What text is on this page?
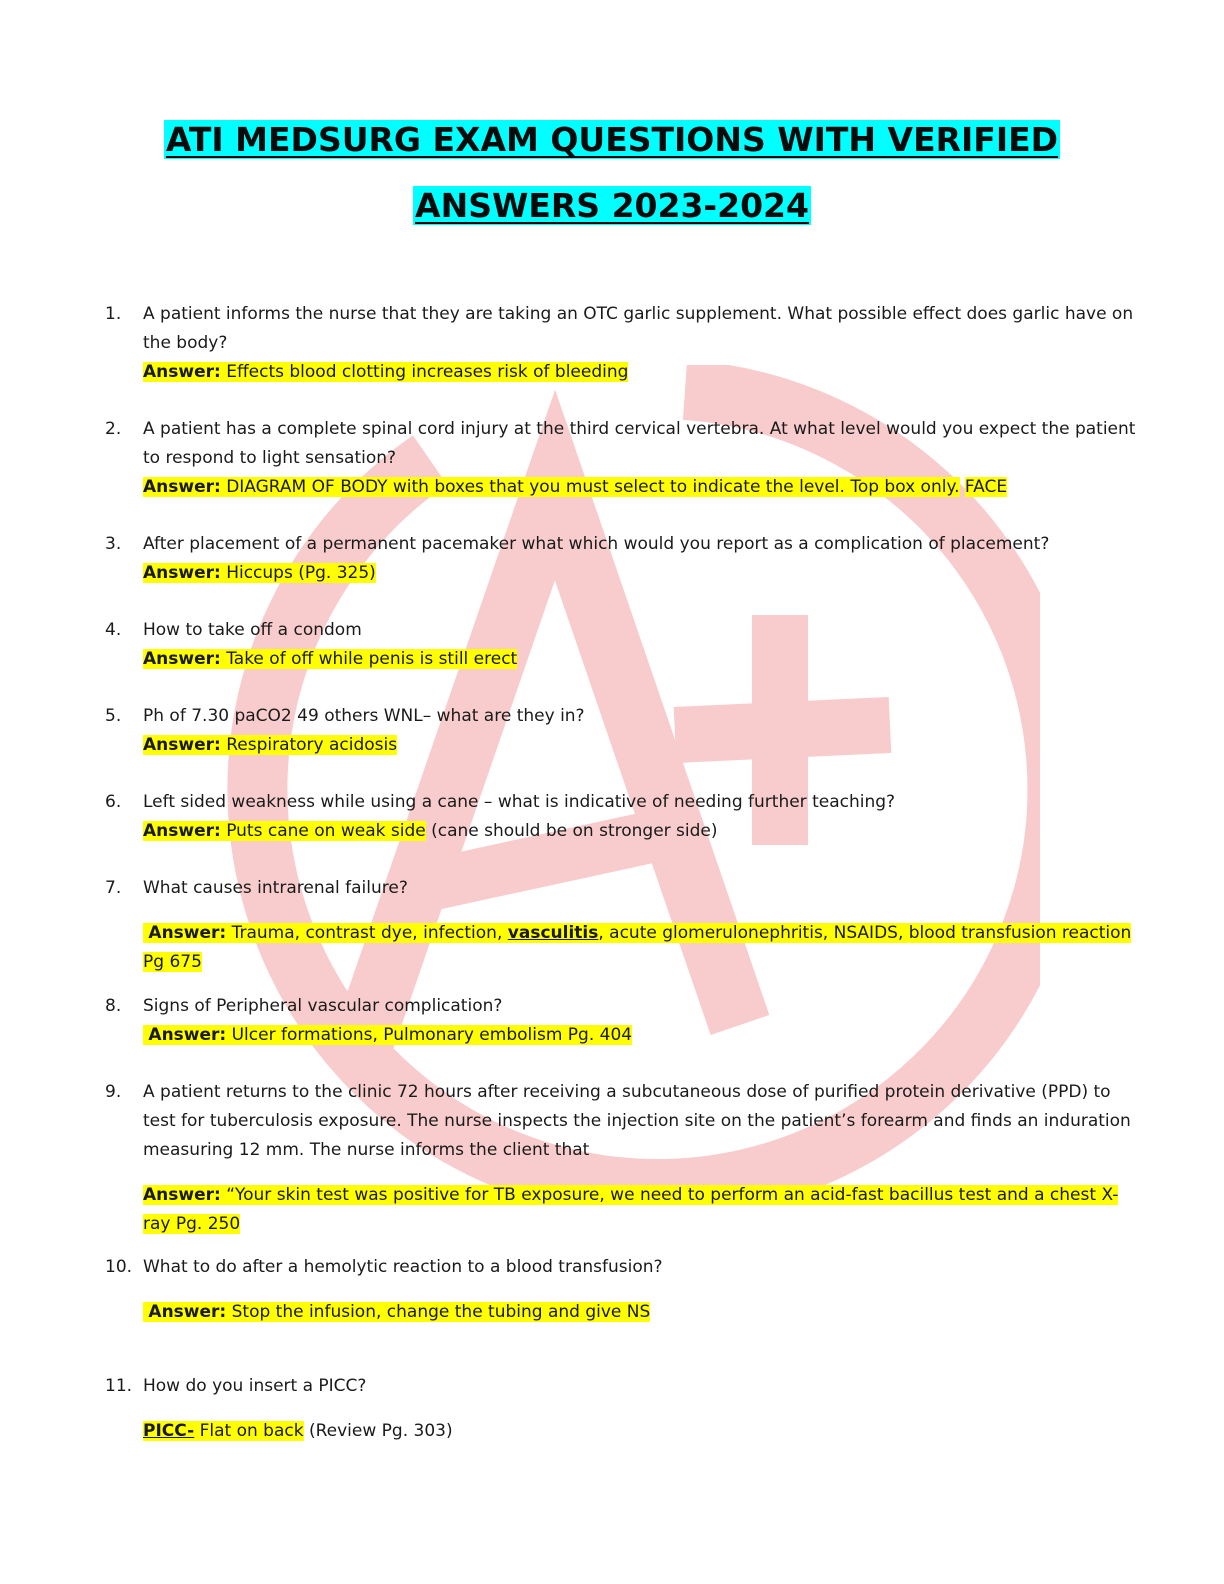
ATI MEDSURG EXAM QUESTIONS WITH VERIFIED
ANSWERS 2023-2024
1.	A patient informs the nurse that they are taking an OTC garlic supplement. What possible effect does garlic have on the body?
Answer: Effects blood clotting increases risk of bleeding
2.	A patient has a complete spinal cord injury at the third cervical vertebra. At what level would you expect the patient to respond to light sensation?
Answer: DIAGRAM OF BODY with boxes that you must select to indicate the level. Top box only. FACE
3.	After placement of a permanent pacemaker what which would you report as a complication of placement?
Answer: Hiccups (Pg. 325)
4.	How to take off a condom
Answer: Take of off while penis is still erect
5.	Ph of 7.30 paCO2 49 others WNL– what are they in?
Answer: Respiratory acidosis
6.	Left sided weakness while using a cane – what is indicative of needing further teaching?
Answer: Puts cane on weak side (cane should be on stronger side)
7.	What causes intrarenal failure?
Answer: Trauma, contrast dye, infection, vasculitis, acute glomerulonephritis, NSAIDS, blood transfusion reaction Pg 675
8.	Signs of Peripheral vascular complication?
Answer: Ulcer formations, Pulmonary embolism Pg. 404
9.	A patient returns to the clinic 72 hours after receiving a subcutaneous dose of purified protein derivative (PPD) to test for tuberculosis exposure. The nurse inspects the injection site on the patient’s forearm and finds an induration measuring 12 mm. The nurse informs the client that
Answer: “Your skin test was positive for TB exposure, we need to perform an acid-fast bacillus test and a chest X-ray Pg. 250
10. What to do after a hemolytic reaction to a blood transfusion?
Answer: Stop the infusion, change the tubing and give NS
11. How do you insert a PICC?
PICC- Flat on back (Review Pg. 303)
